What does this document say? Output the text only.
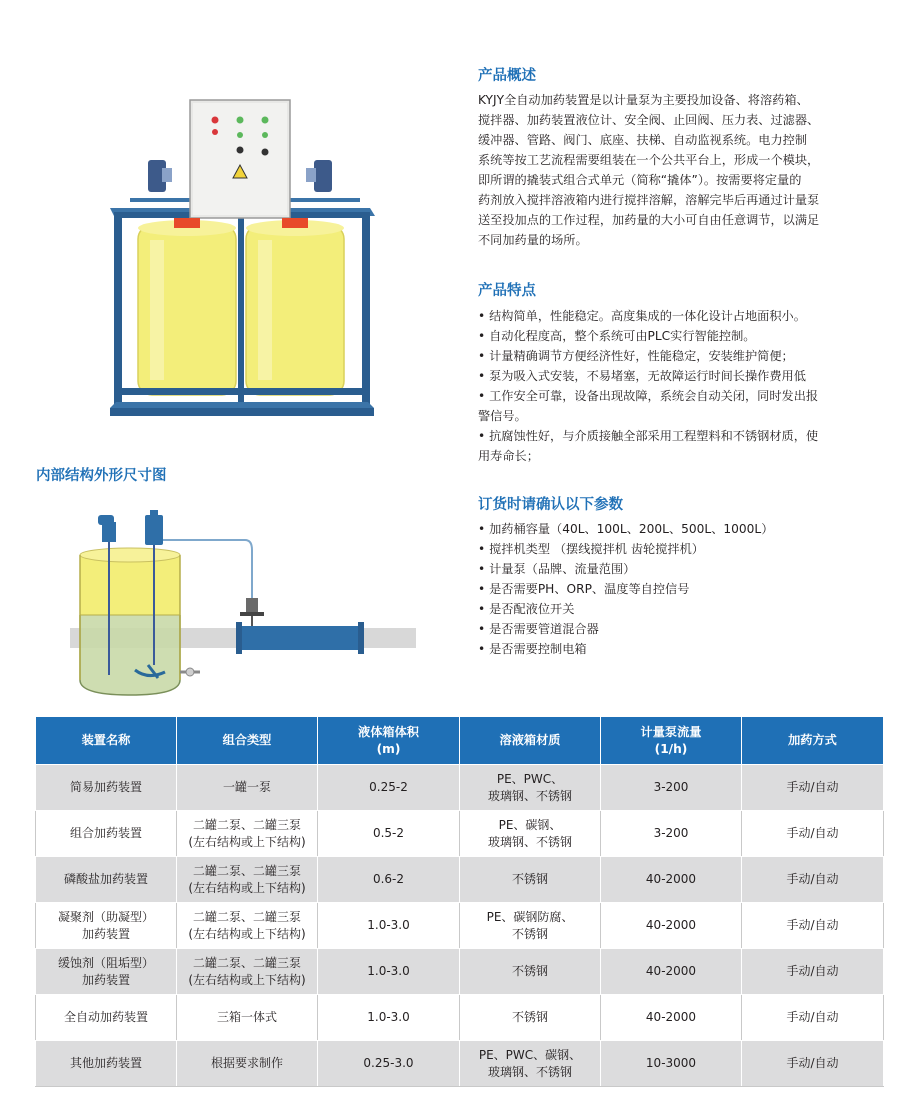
产品概述
KYJY全自动加药装置是以计量泵为主要投加设备、将溶药箱、
搅拌器、加药装置液位计、安全阀、止回阀、压力表、过滤器、
缓冲器、管路、阀门、底座、扶梯、自动监视系统。电力控制
系统等按工艺流程需要组装在一个公共平台上，形成一个模块，
即所谓的撬装式组合式单元（简称“撬体”）。按需要将定量的
药剂放入搅拌溶液箱内进行搅拌溶解，溶解完毕后再通过计量泵
送至投加点的工作过程，加药量的大小可自由任意调节，以满足
不同加药量的场所。
产品特点
• 结构简单，性能稳定。高度集成的一体化设计占地面积小。
• 自动化程度高，整个系统可由PLC实行智能控制。
• 计量精确调节方便经济性好，性能稳定，安装维护简便；
• 泵为吸入式安装，不易堵塞，无故障运行时间长操作费用低
• 工作安全可靠，设备出现故障，系统会自动关闭，同时发出报
警信号。
• 抗腐蚀性好，与介质接触全部采用工程塑料和不锈钢材质，使
用寿命长；
订货时请确认以下参数
• 加药桶容量（40L、100L、200L、500L、1000L）
• 搅拌机类型 （摆线搅拌机 齿轮搅拌机）
• 计量泵（品牌、流量范围）
• 是否需要PH、ORP、温度等自控信号
• 是否配液位开关
• 是否需要管道混合器
• 是否需要控制电箱
内部结构外形尺寸图
装置名称	组合类型	液体箱体积
(m)	溶液箱材质	计量泵流量
(1/h)	加药方式

简易加药装置	一罐一泵	0.25-2	PE、PWC、
玻璃钢、不锈钢	3-200	手动/自动

组合加药装置	二罐二泵、二罐三泵
(左右结构或上下结构)	0.5-2	PE、碳钢、
玻璃钢、不锈钢	3-200	手动/自动

磷酸盐加药装置	二罐二泵、二罐三泵
(左右结构或上下结构)	0.6-2	不锈钢	40-2000	手动/自动

凝聚剂（助凝型）
加药装置	二罐二泵、二罐三泵
(左右结构或上下结构)	1.0-3.0	PE、碳钢防腐、
不锈钢	40-2000	手动/自动

缓蚀剂（阻垢型）
加药装置	二罐二泵、二罐三泵
(左右结构或上下结构)	1.0-3.0	不锈钢	40-2000	手动/自动

全自动加药装置	三箱一体式	1.0-3.0	不锈钢	40-2000	手动/自动

其他加药装置	根据要求制作	0.25-3.0	PE、PWC、碳钢、
玻璃钢、不锈钢	10-3000	手动/自动
